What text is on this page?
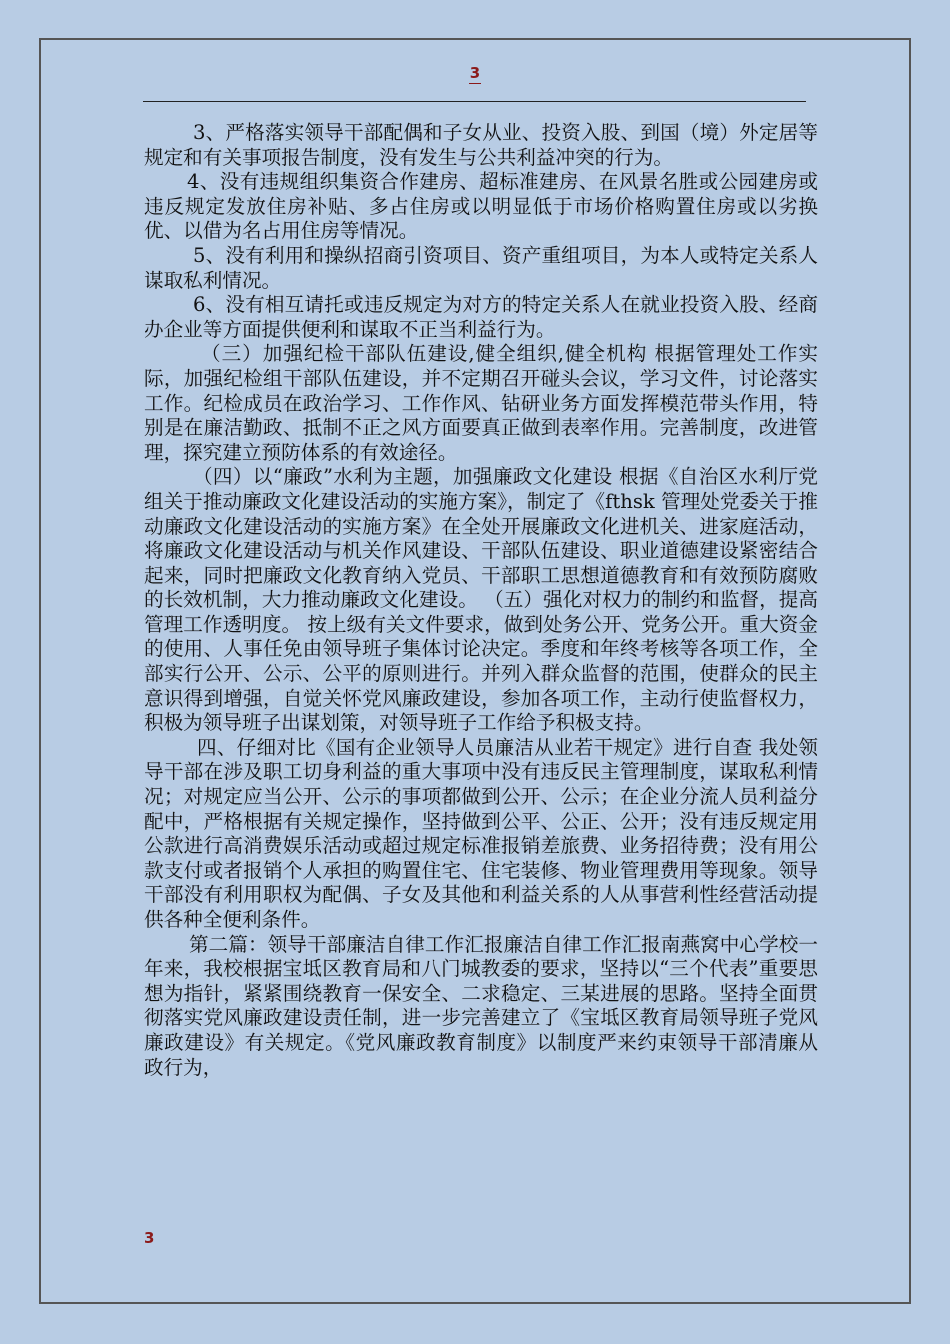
3

3、严格落实领导干部配偶和子女从业、投资入股、到国（境）外定居等规定和有关事项报告制度，没有发生与公共利益冲突的行为。

4、没有违规组织集资合作建房、超标准建房、在风景名胜或公园建房或违反规定发放住房补贴、多占住房或以明显低于市场价格购置住房或以劣换优、以借为名占用住房等情况。

5、没有利用和操纵招商引资项目、资产重组项目，为本人或特定关系人谋取私利情况。

6、没有相互请托或违反规定为对方的特定关系人在就业投资入股、经商办企业等方面提供便利和谋取不正当利益行为。

（三）加强纪检干部队伍建设,健全组织,健全机构 根据管理处工作实际，加强纪检组干部队伍建设，并不定期召开碰头会议，学习文件，讨论落实工作。纪检成员在政治学习、工作作风、钻研业务方面发挥模范带头作用，特别是在廉洁勤政、抵制不正之风方面要真正做到表率作用。完善制度，改进管理，探究建立预防体系的有效途径。

（四）以“廉政”水利为主题，加强廉政文化建设 根据《自治区水利厅党组关于推动廉政文化建设活动的实施方案》，制定了《fthsk 管理处党委关于推动廉政文化建设活动的实施方案》在全处开展廉政文化进机关、进家庭活动，将廉政文化建设活动与机关作风建设、干部队伍建设、职业道德建设紧密结合起来，同时把廉政文化教育纳入党员、干部职工思想道德教育和有效预防腐败的长效机制，大力推动廉政文化建设。 （五）强化对权力的制约和监督，提高管理工作透明度。 按上级有关文件要求，做到处务公开、党务公开。重大资金的使用、人事任免由领导班子集体讨论决定。季度和年终考核等各项工作，全部实行公开、公示、公平的原则进行。并列入群众监督的范围，使群众的民主意识得到增强，自觉关怀党风廉政建设，参加各项工作，主动行使监督权力，积极为领导班子出谋划策，对领导班子工作给予积极支持。

四、仔细对比《国有企业领导人员廉洁从业若干规定》进行自查 我处领导干部在涉及职工切身利益的重大事项中没有违反民主管理制度，谋取私利情况；对规定应当公开、公示的事项都做到公开、公示；在企业分流人员利益分配中，严格根据有关规定操作，坚持做到公平、公正、公开；没有违反规定用公款进行高消费娱乐活动或超过规定标准报销差旅费、业务招待费；没有用公款支付或者报销个人承担的购置住宅、住宅装修、物业管理费用等现象。领导干部没有利用职权为配偶、子女及其他和利益关系的人从事营利性经营活动提供各种全便利条件。

第二篇：领导干部廉洁自律工作汇报廉洁自律工作汇报南燕窝中心学校一年来，我校根据宝坻区教育局和八门城教委的要求，坚持以“三个代表”重要思想为指针，紧紧围绕教育一保安全、二求稳定、三某进展的思路。坚持全面贯彻落实党风廉政建设责任制，进一步完善建立了《宝坻区教育局领导班子党风廉政建设》有关规定。《党风廉政教育制度》以制度严来约束领导干部清廉从政行为，

3
